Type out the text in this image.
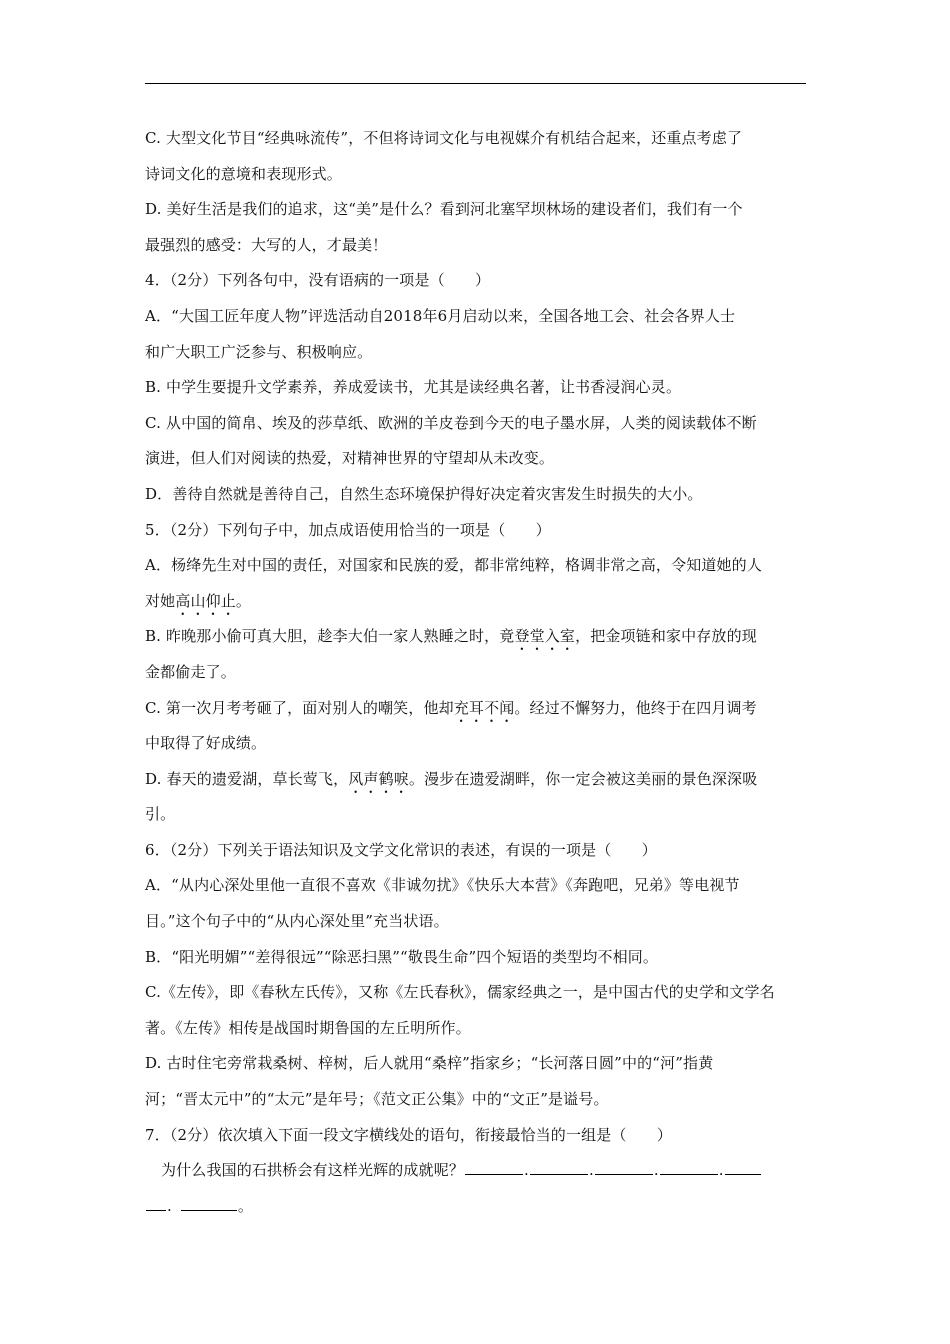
C. 大型文化节目“经典咏流传”，不但将诗词文化与电视媒介有机结合起来，还重点考虑了
诗词文化的意境和表现形式。
D. 美好生活是我们的追求，这“美”是什么？看到河北塞罕坝林场的建设者们，我们有一个
最强烈的感受：大写的人，才最美！
4．（2分）下列各句中，没有语病的一项是（　　）
A．“大国工匠年度人物”评选活动自2018年6月启动以来，全国各地工会、社会各界人士
和广大职工广泛参与、积极响应。
B. 中学生要提升文学素养，养成爱读书，尤其是读经典名著，让书香浸润心灵。
C. 从中国的简帛、埃及的莎草纸、欧洲的羊皮卷到今天的电子墨水屏，人类的阅读载体不断
演进，但人们对阅读的热爱，对精神世界的守望却从未改变。
D．善待自然就是善待自己，自然生态环境保护得好决定着灾害发生时损失的大小。
5．（2分）下列句子中，加点成语使用恰当的一项是（　　）
A．杨绛先生对中国的责任，对国家和民族的爱，都非常纯粹，格调非常之高，令知道她的人
对她高山仰止。
B. 昨晚那小偷可真大胆，趁李大伯一家人熟睡之时，竟登堂入室，把金项链和家中存放的现
金都偷走了。
C. 第一次月考考砸了，面对别人的嘲笑，他却充耳不闻。经过不懈努力，他终于在四月调考
中取得了好成绩。
D. 春天的遗爱湖，草长莺飞，风声鹤唳。漫步在遗爱湖畔，你一定会被这美丽的景色深深吸
引。
6．（2分）下列关于语法知识及文学文化常识的表述，有误的一项是（　　）
A．“从内心深处里他一直很不喜欢《非诚勿扰》《快乐大本营》《奔跑吧，兄弟》等电视节
目。”这个句子中的“从内心深处里”充当状语。
B．“阳光明媚”“差得很远”“除恶扫黑”“敬畏生命”四个短语的类型均不相同。
C.《左传》，即《春秋左氏传》，又称《左氏春秋》，儒家经典之一，是中国古代的史学和文学名
著。《左传》相传是战国时期鲁国的左丘明所作。
D. 古时住宅旁常栽桑树、梓树，后人就用“桑梓”指家乡；“长河落日圆”中的“河”指黄
河；“晋太元中”的“太元”是年号；《范文正公集》中的“文正”是谥号。
7．（2分）依次填入下面一段文字横线处的语句，衔接最恰当的一组是（　　）
为什么我国的石拱桥会有这样光辉的成就呢？	.	.	.	.
.	。
